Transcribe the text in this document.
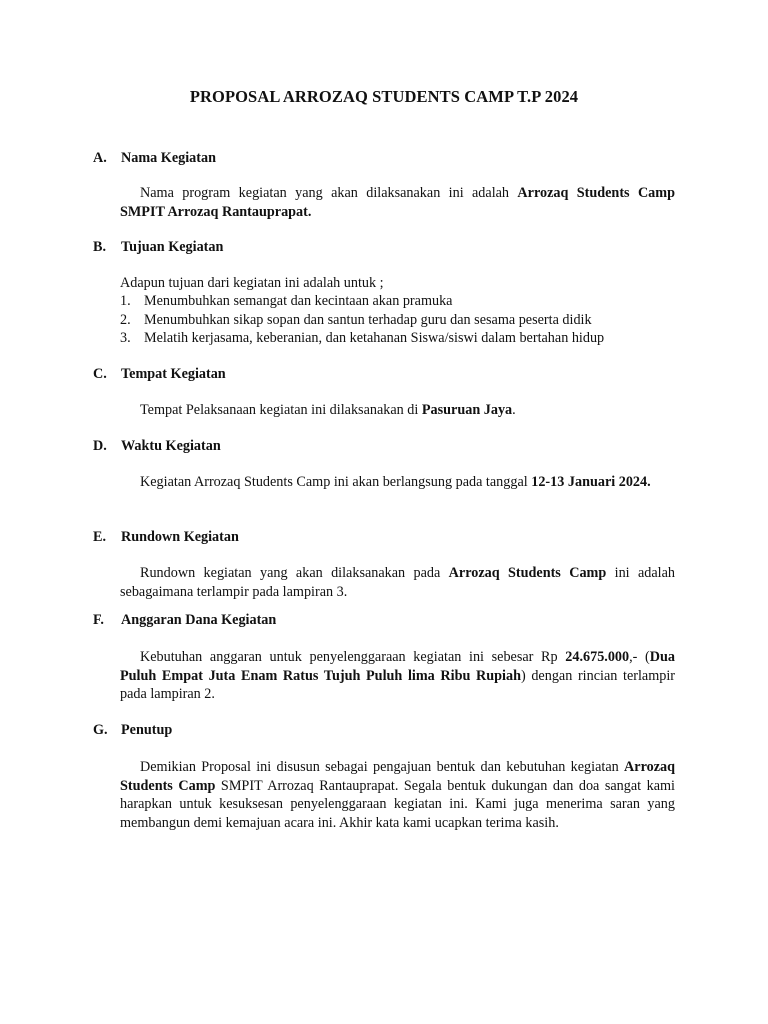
PROPOSAL ARROZAQ STUDENTS CAMP T.P 2024
A. Nama Kegiatan
Nama program kegiatan yang akan dilaksanakan ini adalah Arrozaq Students Camp SMPIT Arrozaq Rantauprapat.
B. Tujuan Kegiatan
Adapun tujuan dari kegiatan ini adalah untuk ;
1. Menumbuhkan semangat dan kecintaan akan pramuka
2. Menumbuhkan sikap sopan dan santun terhadap guru dan sesama peserta didik
3. Melatih kerjasama, keberanian, dan ketahanan Siswa/siswi dalam bertahan hidup
C. Tempat Kegiatan
Tempat Pelaksanaan kegiatan ini dilaksanakan di Pasuruan Jaya.
D. Waktu Kegiatan
Kegiatan Arrozaq Students Camp ini akan berlangsung pada tanggal 12-13 Januari 2024.
E. Rundown Kegiatan
Rundown kegiatan yang akan dilaksanakan pada Arrozaq Students Camp ini adalah sebagaimana terlampir pada lampiran 3.
F. Anggaran Dana Kegiatan
Kebutuhan anggaran untuk penyelenggaraan kegiatan ini sebesar Rp 24.675.000,- (Dua Puluh Empat Juta Enam Ratus Tujuh Puluh lima Ribu Rupiah) dengan rincian terlampir pada lampiran 2.
G. Penutup
Demikian Proposal ini disusun sebagai pengajuan bentuk dan kebutuhan kegiatan Arrozaq Students Camp SMPIT Arrozaq Rantauprapat. Segala bentuk dukungan dan doa sangat kami harapkan untuk kesuksesan penyelenggaraan kegiatan ini. Kami juga menerima saran yang membangun demi kemajuan acara ini. Akhir kata kami ucapkan terima kasih.
